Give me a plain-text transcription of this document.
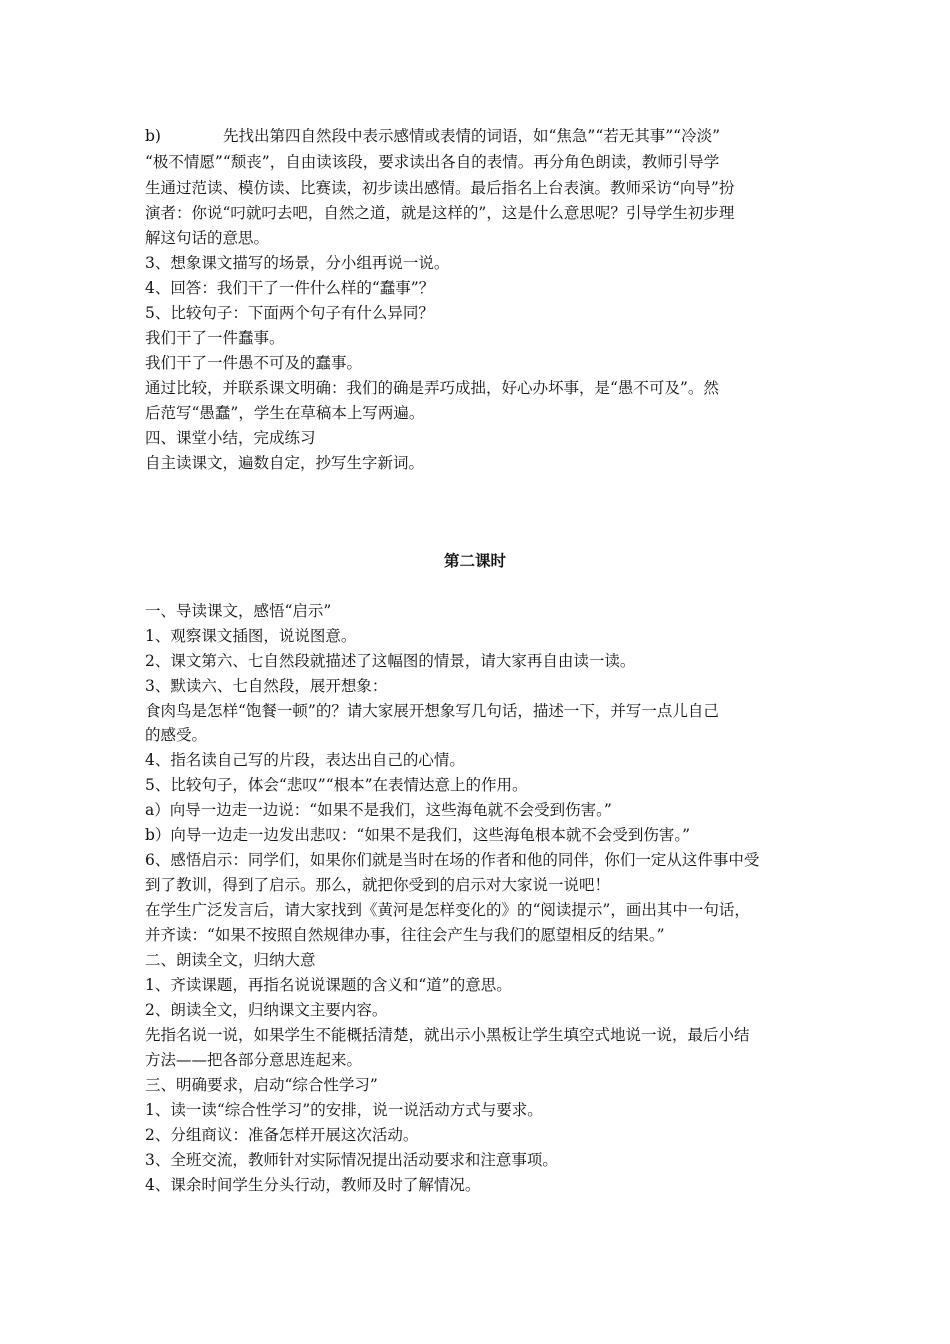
b)	先找出第四自然段中表示感情或表情的词语，如“焦急”“若无其事”“冷淡”
“极不情愿”“颓丧”，自由读该段，要求读出各自的表情。再分角色朗读，教师引导学
生通过范读、模仿读、比赛读，初步读出感情。最后指名上台表演。教师采访“向导”扮
演者：你说“叼就叼去吧，自然之道，就是这样的”，这是什么意思呢？引导学生初步理
解这句话的意思。
3、想象课文描写的场景，分小组再说一说。
4、回答：我们干了一件什么样的“蠢事”？
5、比较句子：下面两个句子有什么异同？
我们干了一件蠢事。
我们干了一件愚不可及的蠢事。
通过比较，并联系课文明确：我们的确是弄巧成拙，好心办坏事，是“愚不可及”。然
后范写“愚蠢”，学生在草稿本上写两遍。
四、课堂小结，完成练习
自主读课文，遍数自定，抄写生字新词。
第二课时
一、导读课文，感悟“启示”
1、观察课文插图，说说图意。
2、课文第六、七自然段就描述了这幅图的情景，请大家再自由读一读。
3、默读六、七自然段，展开想象：
食肉鸟是怎样“饱餐一顿”的？请大家展开想象写几句话，描述一下，并写一点儿自己
的感受。
4、指名读自己写的片段，表达出自己的心情。
5、比较句子，体会“悲叹”“根本”在表情达意上的作用。
a）向导一边走一边说：“如果不是我们，这些海龟就不会受到伤害。”
b）向导一边走一边发出悲叹：“如果不是我们，这些海龟根本就不会受到伤害。”
6、感悟启示：同学们，如果你们就是当时在场的作者和他的同伴，你们一定从这件事中受
到了教训，得到了启示。那么，就把你受到的启示对大家说一说吧！
在学生广泛发言后，请大家找到《黄河是怎样变化的》的“阅读提示”，画出其中一句话，
并齐读：“如果不按照自然规律办事，往往会产生与我们的愿望相反的结果。”
二、朗读全文，归纳大意
1、齐读课题，再指名说说课题的含义和“道”的意思。
2、朗读全文，归纳课文主要内容。
先指名说一说，如果学生不能概括清楚，就出示小黑板让学生填空式地说一说，最后小结
方法——把各部分意思连起来。
三、明确要求，启动“综合性学习”
1、读一读“综合性学习”的安排，说一说活动方式与要求。
2、分组商议：准备怎样开展这次活动。
3、全班交流，教师针对实际情况提出活动要求和注意事项。
4、课余时间学生分头行动，教师及时了解情况。
